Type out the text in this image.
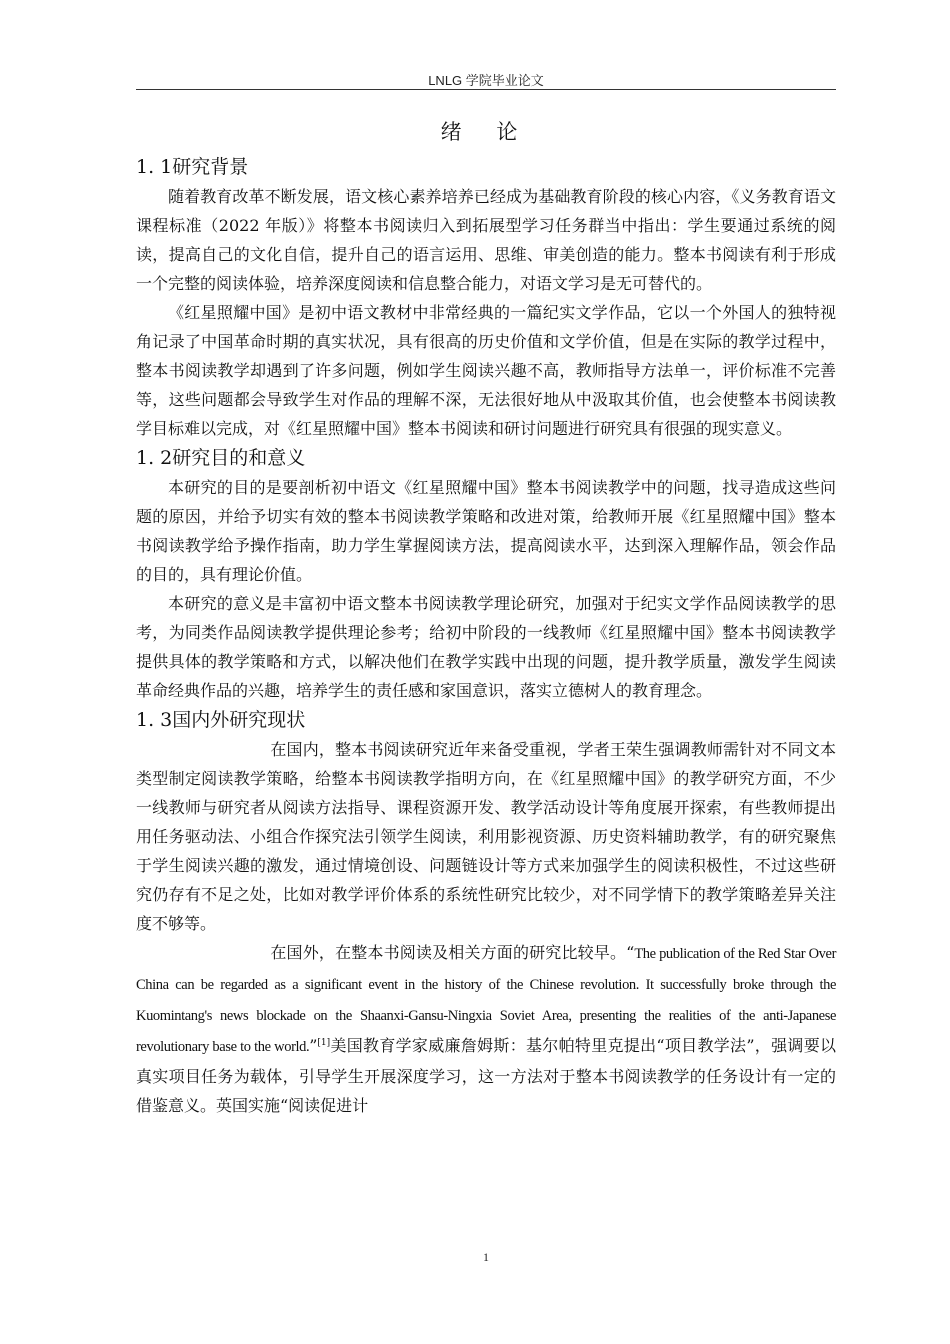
LNLG 学院毕业论文
绪 论
1. 1研究背景

随着教育改革不断发展，语文核心素养培养已经成为基础教育阶段的核心内容，《义务教育语文课程标准（2022 年版）》将整本书阅读归入到拓展型学习任务群当中指出：学生要通过系统的阅读，提高自己的文化自信，提升自己的语言运用、思维、审美创造的能力。整本书阅读有利于形成一个完整的阅读体验，培养深度阅读和信息整合能力，对语文学习是无可替代的。

《红星照耀中国》是初中语文教材中非常经典的一篇纪实文学作品，它以一个外国人的独特视角记录了中国革命时期的真实状况，具有很高的历史价值和文学价值，但是在实际的教学过程中，整本书阅读教学却遇到了许多问题，例如学生阅读兴趣不高，教师指导方法单一，评价标准不完善等，这些问题都会导致学生对作品的理解不深，无法很好地从中汲取其价值，也会使整本书阅读教学目标难以完成，对《红星照耀中国》整本书阅读和研讨问题进行研究具有很强的现实意义。

1. 2研究目的和意义

本研究的目的是要剖析初中语文《红星照耀中国》整本书阅读教学中的问题，找寻造成这些问题的原因，并给予切实有效的整本书阅读教学策略和改进对策，给教师开展《红星照耀中国》整本书阅读教学给予操作指南，助力学生掌握阅读方法，提高阅读水平，达到深入理解作品，领会作品的目的，具有理论价值。

本研究的意义是丰富初中语文整本书阅读教学理论研究，加强对于纪实文学作品阅读教学的思考，为同类作品阅读教学提供理论参考；给初中阶段的一线教师《红星照耀中国》整本书阅读教学提供具体的教学策略和方式，以解决他们在教学实践中出现的问题，提升教学质量，激发学生阅读革命经典作品的兴趣，培养学生的责任感和家国意识，落实立德树人的教育理念。

1. 3国内外研究现状

在国内，整本书阅读研究近年来备受重视，学者王荣生强调教师需针对不同文本类型制定阅读教学策略，给整本书阅读教学指明方向，在《红星照耀中国》的教学研究方面，不少一线教师与研究者从阅读方法指导、课程资源开发、教学活动设计等角度展开探索，有些教师提出用任务驱动法、小组合作探究法引领学生阅读，利用影视资源、历史资料辅助教学，有的研究聚焦于学生阅读兴趣的激发，通过情境创设、问题链设计等方式来加强学生的阅读积极性，不过这些研究仍存有不足之处，比如对教学评价体系的系统性研究比较少，对不同学情下的教学策略差异关注度不够等。

在国外，在整本书阅读及相关方面的研究比较早。“The publication of the Red Star Over China can be regarded as a significant event in the history of the Chinese revolution. It successfully broke through the Kuomintang's news blockade on the Shaanxi-Gansu-Ningxia Soviet Area, presenting the realities of the anti-Japanese revolutionary base to the world.”[1]美国教育学家威廉詹姆斯：基尔帕特里克提出“项目教学法”，强调要以真实项目任务为载体，引导学生开展深度学习，这一方法对于整本书阅读教学的任务设计有一定的借鉴意义。英国实施“阅读促进计

1
